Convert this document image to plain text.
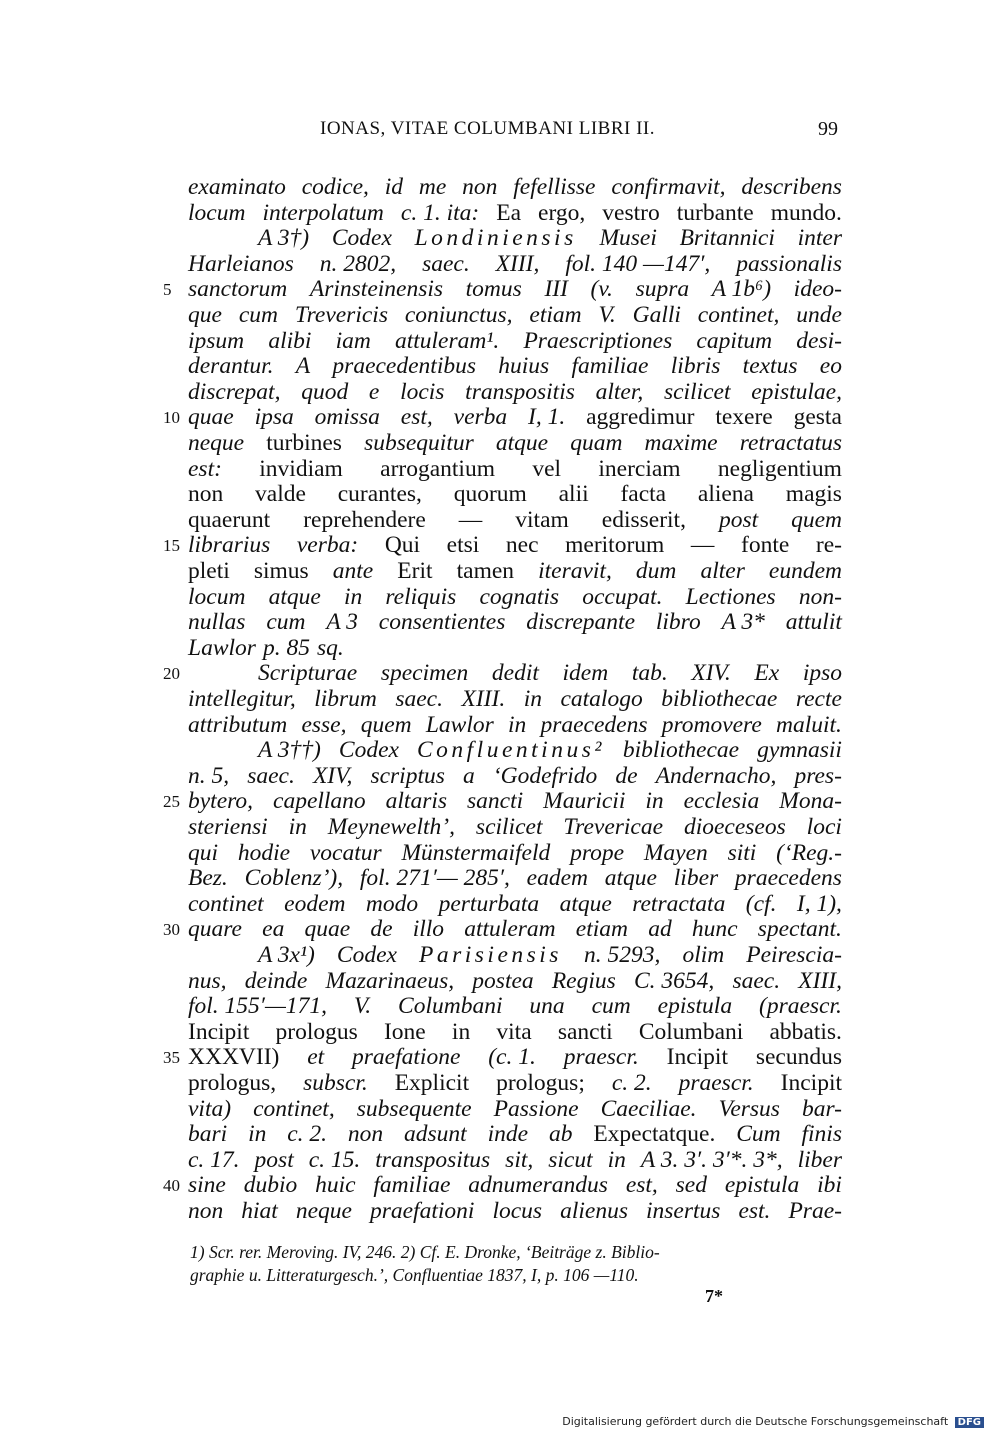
IONAS, VITAE COLUMBANI LIBRI II.	99
examinato codice, id me non fefellisse confirmavit, describens
locum interpolatum c. 1. ita: Ea ergo, vestro turbante mundo.
A 3†) Codex Londiniensis Musei Britannici inter
Harleianos n. 2802, saec. XIII, fol. 140 —147′, passionalis
sanctorum Arinsteinensis tomus III (v. supra A 1b⁶) ideo-
que cum Trevericis coniunctus, etiam V. Galli continet, unde
ipsum alibi iam attuleram¹. Praescriptiones capitum desi-
derantur. A praecedentibus huius familiae libris textus eo
discrepat, quod e locis transpositis alter, scilicet epistulae,
quae ipsa omissa est, verba I, 1. aggredimur texere gesta
neque turbines subsequitur atque quam maxime retractatus
est: invidiam arrogantium vel inerciam negligentium
non valde curantes, quorum alii facta aliena magis
quaerunt reprehendere — vitam edisserit, post quem
librarius verba: Qui etsi nec meritorum — fonte re-
pleti simus ante Erit tamen iteravit, dum alter eundem
locum atque in reliquis cognatis occupat. Lectiones non-
nullas cum A 3 consentientes discrepante libro A 3* attulit
Lawlor p. 85 sq.
Scripturae specimen dedit idem tab. XIV. Ex ipso
intellegitur, librum saec. XIII. in catalogo bibliothecae recte
attributum esse, quem Lawlor in praecedens promovere maluit.
A 3††) Codex Confluentinus² bibliothecae gymnasii
n. 5, saec. XIV, scriptus a ‘Godefrido de Andernacho, pres-
bytero, capellano altaris sancti Mauricii in ecclesia Mona-
steriensi in Meynewelth’, scilicet Trevericae dioeceseos loci
qui hodie vocatur Münstermaifeld prope Mayen siti (‘Reg.-
Bez. Coblenz’), fol. 271′— 285′, eadem atque liber praecedens
continet eodem modo perturbata atque retractata (cf. I, 1),
quare ea quae de illo attuleram etiam ad hunc spectant.
A 3x¹) Codex Parisiensis n. 5293, olim Peirescia-
nus, deinde Mazarinaeus, postea Regius C. 3654, saec. XIII,
fol. 155′—171, V. Columbani una cum epistula (praescr.
Incipit prologus Ione in vita sancti Columbani abbatis.
XXXVII) et praefatione (c. 1. praescr. Incipit secundus
prologus, subscr. Explicit prologus; c. 2. praescr. Incipit
vita) continet, subsequente Passione Caeciliae. Versus bar-
bari in c. 2. non adsunt inde ab Expectatque. Cum finis
c. 17. post c. 15. transpositus sit, sicut in A 3. 3′. 3′*. 3*, liber
sine dubio huic familiae adnumerandus est, sed epistula ibi
non hiat neque praefationi locus alienus insertus est. Prae-
5
10
15
20
25
30
35
40
1) Scr. rer. Meroving. IV, 246. 2) Cf. E. Dronke, ‘Beiträge z. Biblio-
graphie u. Litteraturgesch.’, Confluentiae 1837, I, p. 106 —110.
7*
Digitalisierung gefördert durch die Deutsche Forschungsgemeinschaft DFG
